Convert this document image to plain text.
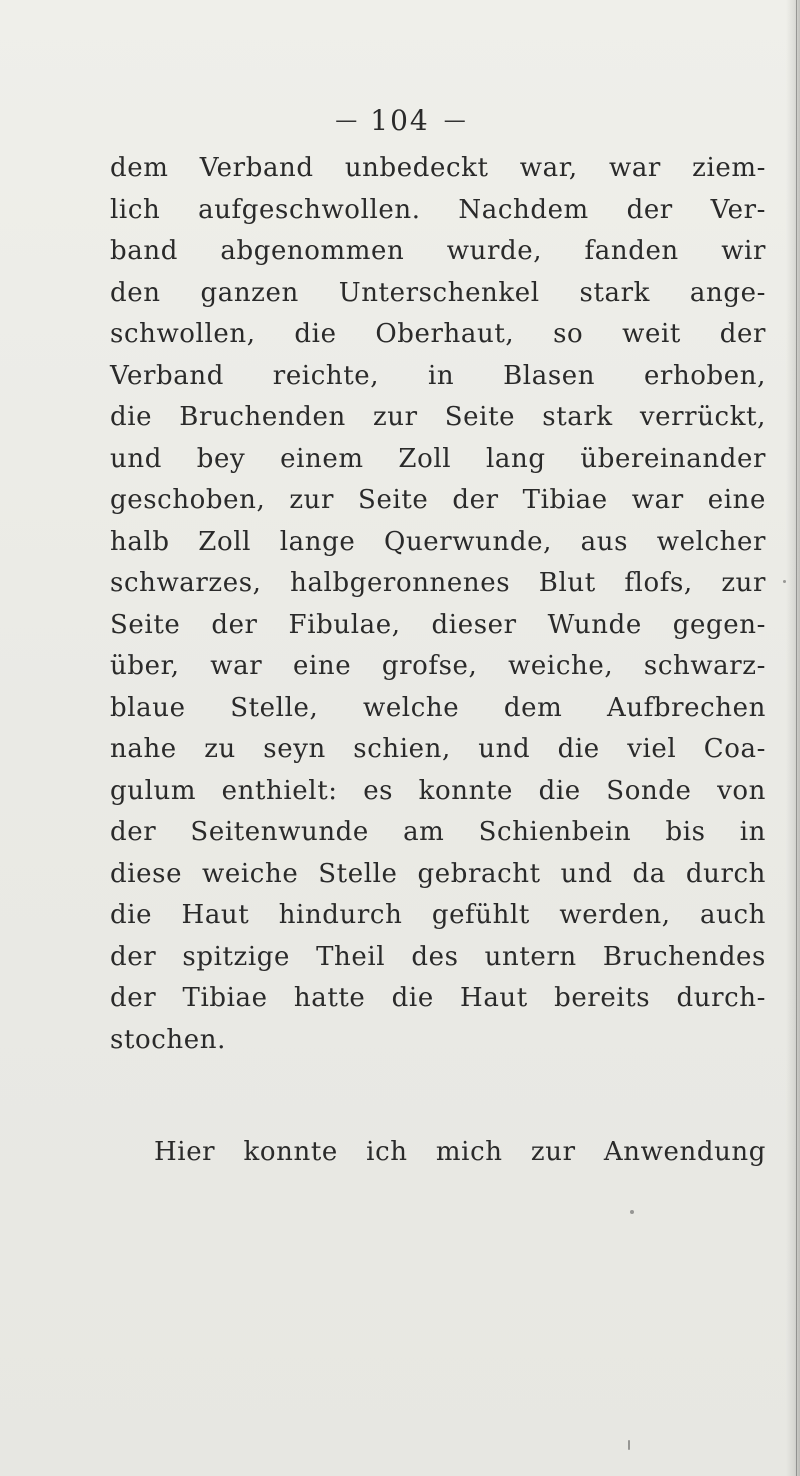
— 104 —
dem Verband unbedeckt war, war ziem-
lich aufgeschwollen. Nachdem der Ver-
band abgenommen wurde, fanden wir
den ganzen Unterschenkel stark ange-
schwollen, die Oberhaut, so weit der
Verband reichte, in Blasen erhoben,
die Bruchenden zur Seite stark verrückt,
und bey einem Zoll lang übereinander
geschoben, zur Seite der Tibiae war eine
halb Zoll lange Querwunde, aus welcher
schwarzes, halbgeronnenes Blut flofs, zur
Seite der Fibulae, dieser Wunde gegen-
über, war eine grofse, weiche, schwarz-
blaue Stelle, welche dem Aufbrechen
nahe zu seyn schien, und die viel Coa-
gulum enthielt: es konnte die Sonde von
der Seitenwunde am Schienbein bis in
diese weiche Stelle gebracht und da durch
die Haut hindurch gefühlt werden, auch
der spitzige Theil des untern Bruchendes
der Tibiae hatte die Haut bereits durch-
stochen.
Hier konnte ich mich zur Anwendung
